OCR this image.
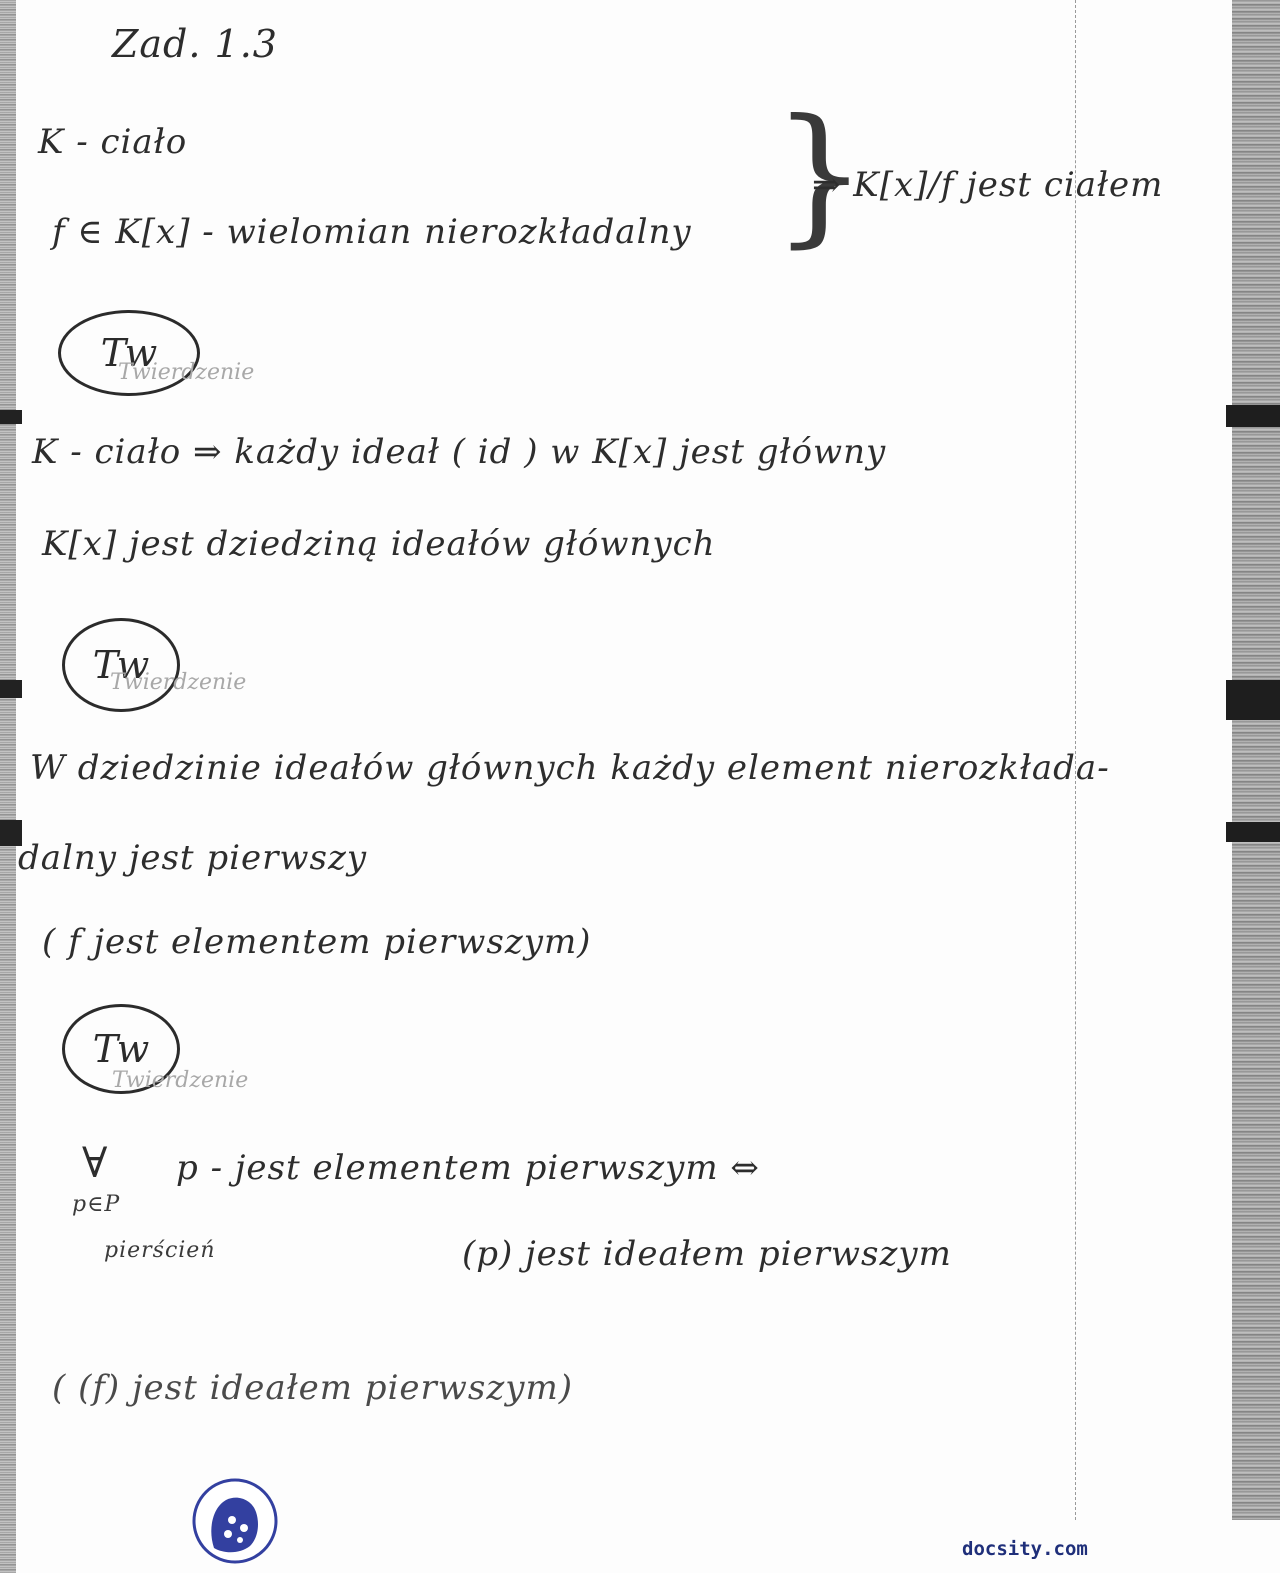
Zad. 1.3
K - ciało
f ∈ K[x] - wielomian nierozkładalny }
⇒ K[x]/f jest ciałem
Tw
Twierdzenie
K - ciało ⇒ każdy ideał ( id ) w K[x] jest główny
K[x] jest dziedziną ideałów głównych
Tw
Twierdzenie
W dziedzinie ideałów głównych każdy element nierozkłada-
dalny jest pierwszy
( f jest elementem pierwszym)
Tw
Twierdzenie
∀
p∈P
pierścień
p - jest elementem pierwszym ⇔
(p) jest ideałem pierwszym
( (f) jest ideałem pierwszym)
docsity.com
